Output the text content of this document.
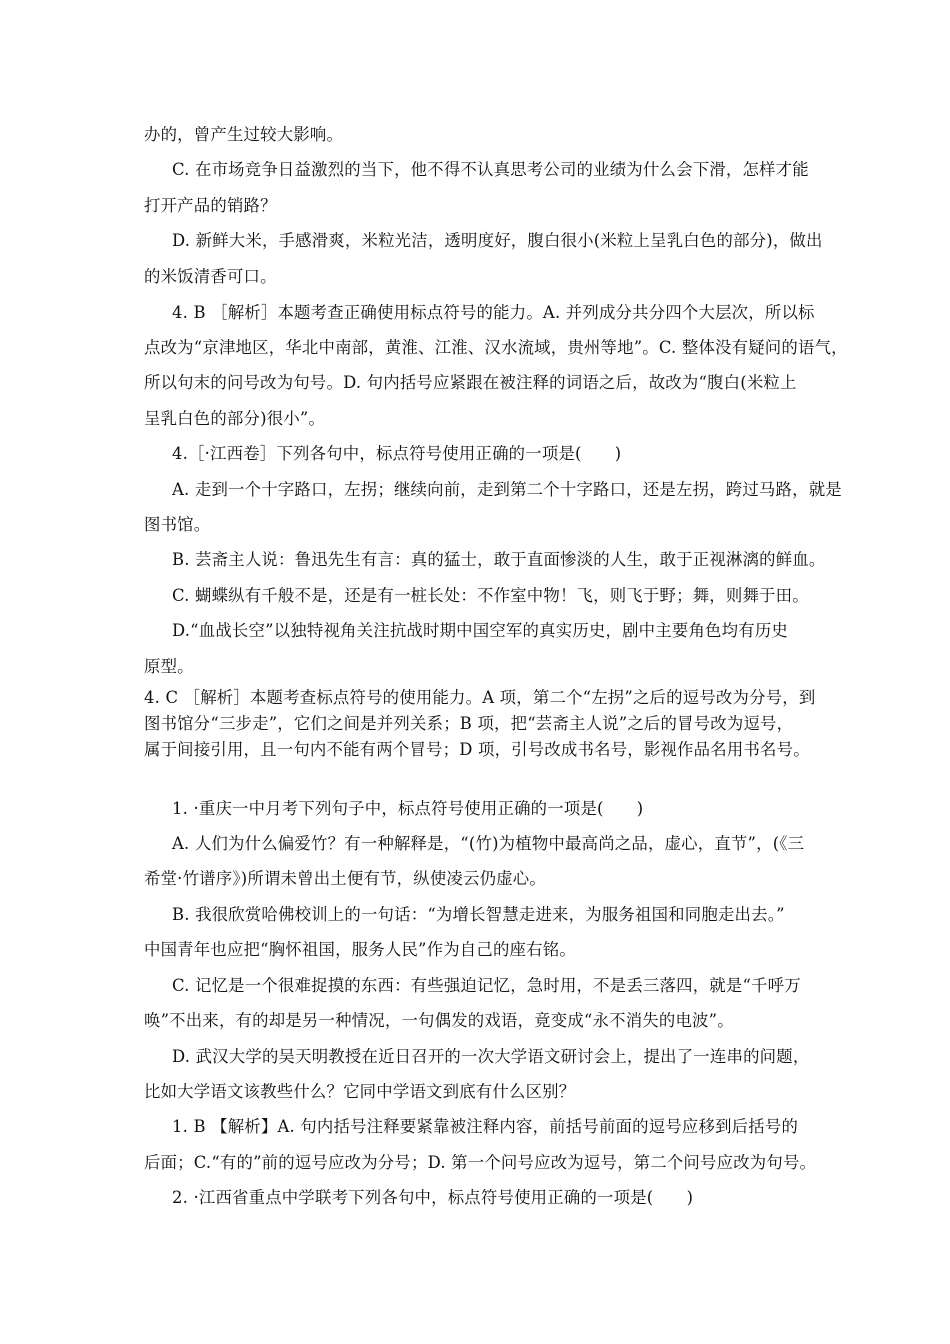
办的，曾产生过较大影响。
C. 在市场竞争日益激烈的当下，他不得不认真思考公司的业绩为什么会下滑，怎样才能
打开产品的销路？
D. 新鲜大米，手感滑爽，米粒光洁，透明度好，腹白很小(米粒上呈乳白色的部分)，做出
的米饭清香可口。
4. B ［解析］本题考查正确使用标点符号的能力。A. 并列成分共分四个大层次，所以标
点改为“京津地区，华北中南部，黄淮、江淮、汉水流域，贵州等地”。C. 整体没有疑问的语气，
所以句末的问号改为句号。D. 句内括号应紧跟在被注释的词语之后，故改为“腹白(米粒上
呈乳白色的部分)很小”。
4.［·江西卷］下列各句中，标点符号使用正确的一项是(　　)
A. 走到一个十字路口，左拐；继续向前，走到第二个十字路口，还是左拐，跨过马路，就是
图书馆。
B. 芸斋主人说：鲁迅先生有言：真的猛士，敢于直面惨淡的人生，敢于正视淋漓的鲜血。
C. 蝴蝶纵有千般不是，还是有一桩长处：不作室中物！飞，则飞于野；舞，则舞于田。
D.“血战长空”以独特视角关注抗战时期中国空军的真实历史，剧中主要角色均有历史
原型。
4. C ［解析］本题考查标点符号的使用能力。A 项，第二个“左拐”之后的逗号改为分号，到
图书馆分“三步走”，它们之间是并列关系；B 项，把“芸斋主人说”之后的冒号改为逗号，
属于间接引用，且一句内不能有两个冒号；D 项，引号改成书名号，影视作品名用书名号。
1. ·重庆一中月考下列句子中，标点符号使用正确的一项是(　　)
A. 人们为什么偏爱竹？有一种解释是，“(竹)为植物中最高尚之品，虚心，直节”，(《三
希堂·竹谱序》)所谓未曾出土便有节，纵使凌云仍虚心。
B. 我很欣赏哈佛校训上的一句话：“为增长智慧走进来，为服务祖国和同胞走出去。”
中国青年也应把“胸怀祖国，服务人民”作为自己的座右铭。
C. 记忆是一个很难捉摸的东西：有些强迫记忆，急时用，不是丢三落四，就是“千呼万
唤”不出来，有的却是另一种情况，一句偶发的戏语，竟变成“永不消失的电波”。
D. 武汉大学的吴天明教授在近日召开的一次大学语文研讨会上，提出了一连串的问题，
比如大学语文该教些什么？它同中学语文到底有什么区别？
1. B 【解析】A. 句内括号注释要紧靠被注释内容，前括号前面的逗号应移到后括号的
后面；C.“有的”前的逗号应改为分号；D. 第一个问号应改为逗号，第二个问号应改为句号。
2. ·江西省重点中学联考下列各句中，标点符号使用正确的一项是(　　)
